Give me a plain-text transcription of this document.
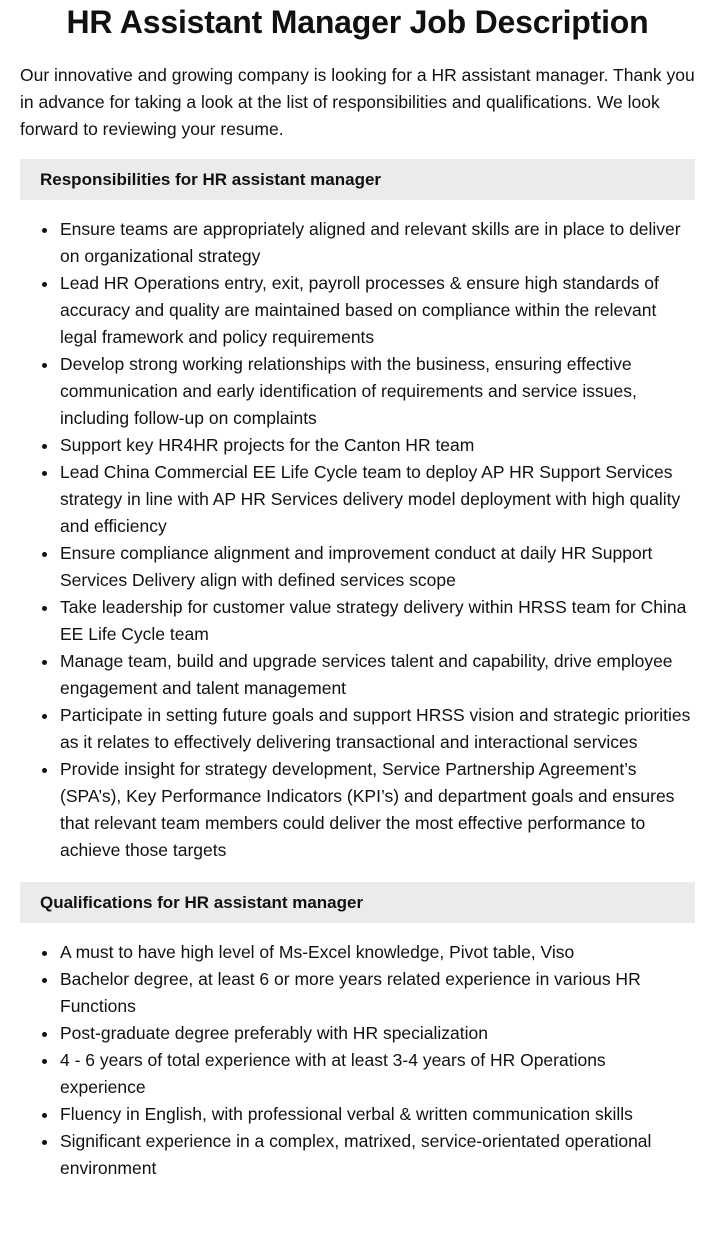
HR Assistant Manager Job Description

Our innovative and growing company is looking for a HR assistant manager. Thank you in advance for taking a look at the list of responsibilities and qualifications. We look forward to reviewing your resume.

Responsibilities for HR assistant manager
Ensure teams are appropriately aligned and relevant skills are in place to deliver on organizational strategy
Lead HR Operations entry, exit, payroll processes & ensure high standards of accuracy and quality are maintained based on compliance within the relevant legal framework and policy requirements
Develop strong working relationships with the business, ensuring effective communication and early identification of requirements and service issues, including follow-up on complaints
Support key HR4HR projects for the Canton HR team
Lead China Commercial EE Life Cycle team to deploy AP HR Support Services strategy in line with AP HR Services delivery model deployment with high quality and efficiency
Ensure compliance alignment and improvement conduct at daily HR Support Services Delivery align with defined services scope
Take leadership for customer value strategy delivery within HRSS team for China EE Life Cycle team
Manage team, build and upgrade services talent and capability, drive employee engagement and talent management
Participate in setting future goals and support HRSS vision and strategic priorities as it relates to effectively delivering transactional and interactional services
Provide insight for strategy development, Service Partnership Agreement’s (SPA’s), Key Performance Indicators (KPI’s) and department goals and ensures that relevant team members could deliver the most effective performance to achieve those targets
Qualifications for HR assistant manager
A must to have high level of Ms-Excel knowledge, Pivot table, Viso
Bachelor degree, at least 6 or more years related experience in various HR Functions
Post-graduate degree preferably with HR specialization
4 - 6 years of total experience with at least 3-4 years of HR Operations experience
Fluency in English, with professional verbal & written communication skills
Significant experience in a complex, matrixed, service-orientated operational environment
